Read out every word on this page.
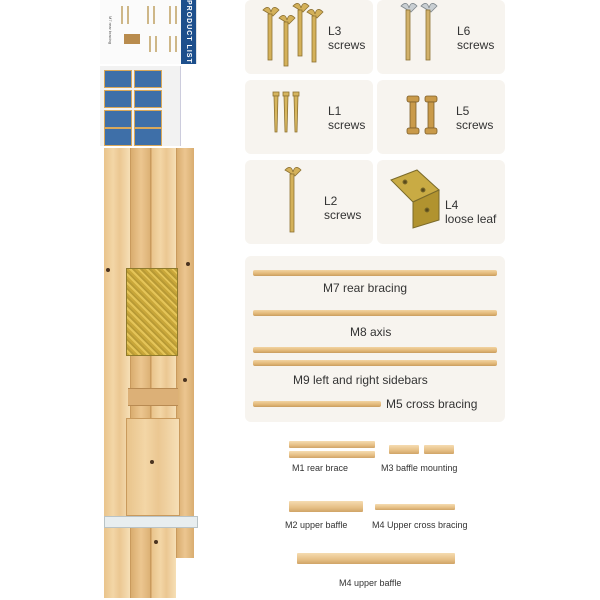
M7 rear bracing	PRODUCT LIST	L3
screws
L6
screws
L1
screws
L5
screws
L2
screws
L4
loose leaf
M7 rear bracing
M8 axis
M9 left and right sidebars
M5 cross bracing
M1 rear brace	M3 baffle mounting
M2 upper baffle	M4 Upper cross bracing
M4 upper baffle
